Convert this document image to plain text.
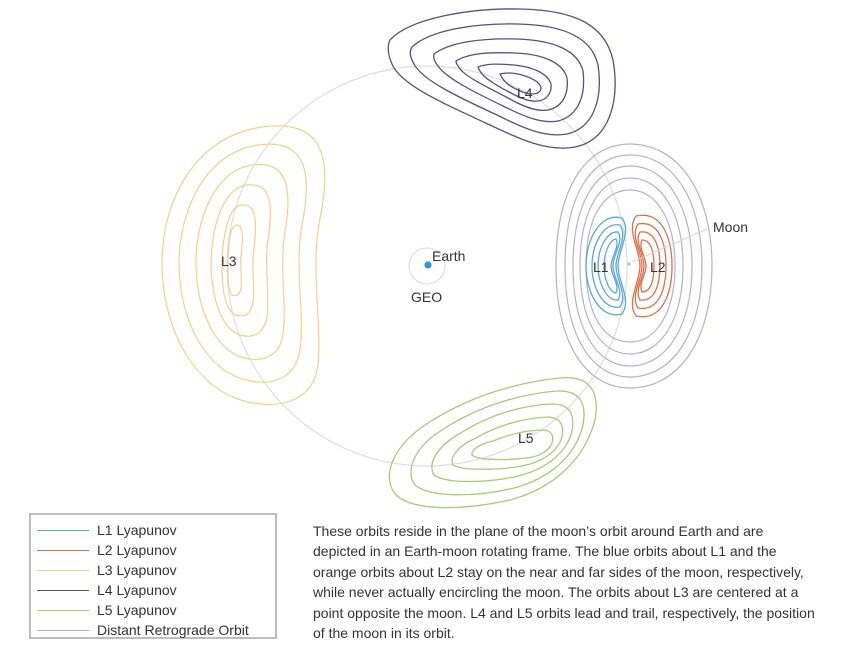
Earth
GEO
Moon
L1	L2
L3
L4
L5
L1 Lyapunov
L2 Lyapunov
L3 Lyapunov
L4 Lyapunov
L5 Lyapunov
Distant Retrograde Orbit

These orbits reside in the plane of the moon’s orbit around Earth and are depicted in an Earth-moon rotating frame. The blue orbits about L1 and the orange orbits about L2 stay on the near and far sides of the moon, respectively, while never actually encircling the moon. The orbits about L3 are centered at a point opposite the moon. L4 and L5 orbits lead and trail, respectively, the position of the moon in its orbit.
